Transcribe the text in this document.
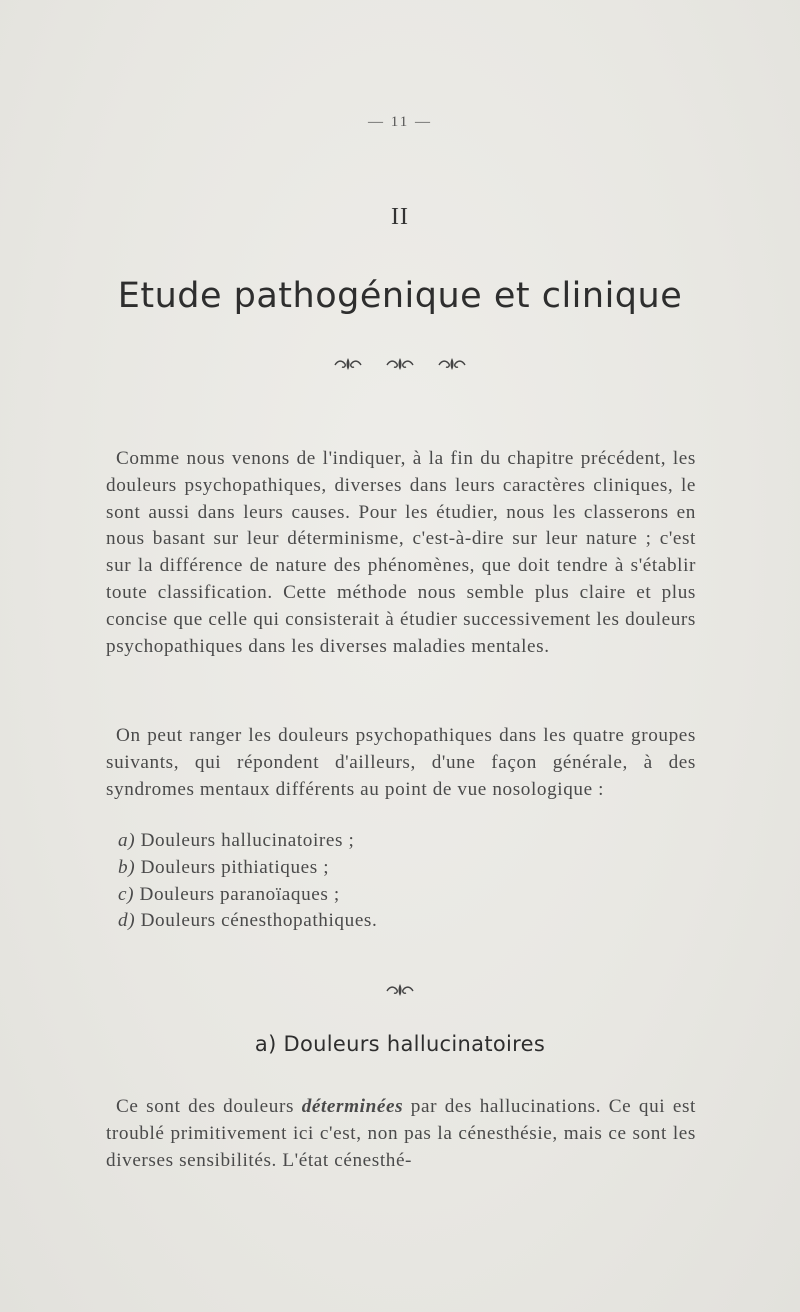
— 11 —
II
Etude pathogénique et clinique
Comme nous venons de l'indiquer, à la fin du chapitre précédent, les douleurs psychopathiques, diverses dans leurs caractères cliniques, le sont aussi dans leurs causes. Pour les étudier, nous les classerons en nous basant sur leur déterminisme, c'est-à-dire sur leur nature ; c'est sur la différence de nature des phénomènes, que doit tendre à s'établir toute classification. Cette méthode nous semble plus claire et plus concise que celle qui consisterait à étudier successivement les douleurs psychopathiques dans les diverses maladies mentales.
On peut ranger les douleurs psychopathiques dans les quatre groupes suivants, qui répondent d'ailleurs, d'une façon générale, à des syndromes mentaux différents au point de vue nosologique :
a) Douleurs hallucinatoires ;
b) Douleurs pithiatiques ;
c) Douleurs paranoïaques ;
d) Douleurs cénesthopathiques.
a) Douleurs hallucinatoires
Ce sont des douleurs déterminées par des hallucinations. Ce qui est troublé primitivement ici c'est, non pas la cénesthésie, mais ce sont les diverses sensibilités. L'état cénesthé-
